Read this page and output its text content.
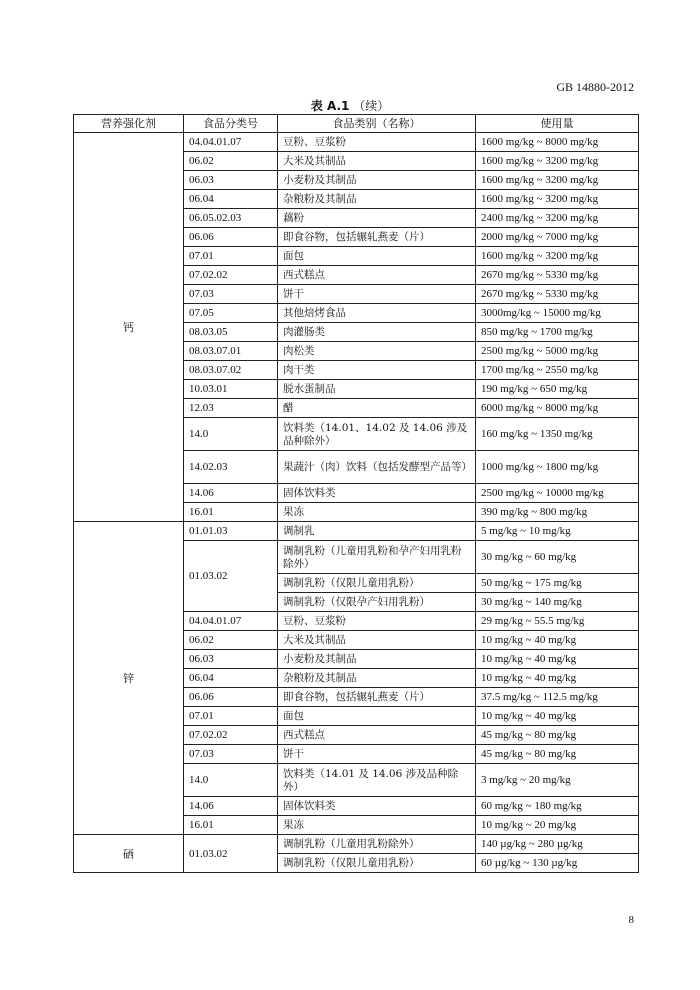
GB 14880-2012
表 A.1 （续）
营养强化剂	食品分类号	食品类别（名称）	使用量
钙	04.04.01.07	豆粉、豆浆粉	1600 mg/kg ~ 8000 mg/kg
	06.02	大米及其制品	1600 mg/kg ~ 3200 mg/kg
	06.03	小麦粉及其制品	1600 mg/kg ~ 3200 mg/kg
	06.04	杂粮粉及其制品	1600 mg/kg ~ 3200 mg/kg
	06.05.02.03	藕粉	2400 mg/kg ~ 3200 mg/kg
	06.06	即食谷物，包括辗轧燕麦（片）	2000 mg/kg ~ 7000 mg/kg
	07.01	面包	1600 mg/kg ~ 3200 mg/kg
	07.02.02	西式糕点	2670 mg/kg ~ 5330 mg/kg
	07.03	饼干	2670 mg/kg ~ 5330 mg/kg
	07.05	其他焙烤食品	3000mg/kg ~ 15000 mg/kg
	08.03.05	肉灌肠类	850 mg/kg ~ 1700 mg/kg
	08.03.07.01	肉松类	2500 mg/kg ~ 5000 mg/kg
	08.03.07.02	肉干类	1700 mg/kg ~ 2550 mg/kg
	10.03.01	脱水蛋制品	190 mg/kg ~ 650 mg/kg
	12.03	醋	6000 mg/kg ~ 8000 mg/kg
	14.0	饮料类（14.01、14.02 及 14.06 涉及品种除外）	160 mg/kg ~ 1350 mg/kg
	14.02.03	果蔬汁（肉）饮料（包括发酵型产品等）	1000 mg/kg ~ 1800 mg/kg
	14.06	固体饮料类	2500 mg/kg ~ 10000 mg/kg
	16.01	果冻	390 mg/kg ~ 800 mg/kg
锌	01.01.03	调制乳	5 mg/kg ~ 10 mg/kg
	01.03.02	调制乳粉（儿童用乳粉和孕产妇用乳粉除外）	30 mg/kg ~ 60 mg/kg
		调制乳粉（仅限儿童用乳粉）	50 mg/kg ~ 175 mg/kg
		调制乳粉（仅限孕产妇用乳粉）	30 mg/kg ~ 140 mg/kg
	04.04.01.07	豆粉、豆浆粉	29 mg/kg ~ 55.5 mg/kg
	06.02	大米及其制品	10 mg/kg ~ 40 mg/kg
	06.03	小麦粉及其制品	10 mg/kg ~ 40 mg/kg
	06.04	杂粮粉及其制品	10 mg/kg ~ 40 mg/kg
	06.06	即食谷物，包括辗轧燕麦（片）	37.5 mg/kg ~ 112.5 mg/kg
	07.01	面包	10 mg/kg ~ 40 mg/kg
	07.02.02	西式糕点	45 mg/kg ~ 80 mg/kg
	07.03	饼干	45 mg/kg ~ 80 mg/kg
	14.0	饮料类（14.01 及 14.06 涉及品种除外）	3 mg/kg ~ 20 mg/kg
	14.06	固体饮料类	60 mg/kg ~ 180 mg/kg
	16.01	果冻	10 mg/kg ~ 20 mg/kg
硒	01.03.02	调制乳粉（儿童用乳粉除外）	140 µg/kg ~ 280 µg/kg
		调制乳粉（仅限儿童用乳粉）	60 µg/kg ~ 130 µg/kg
8
